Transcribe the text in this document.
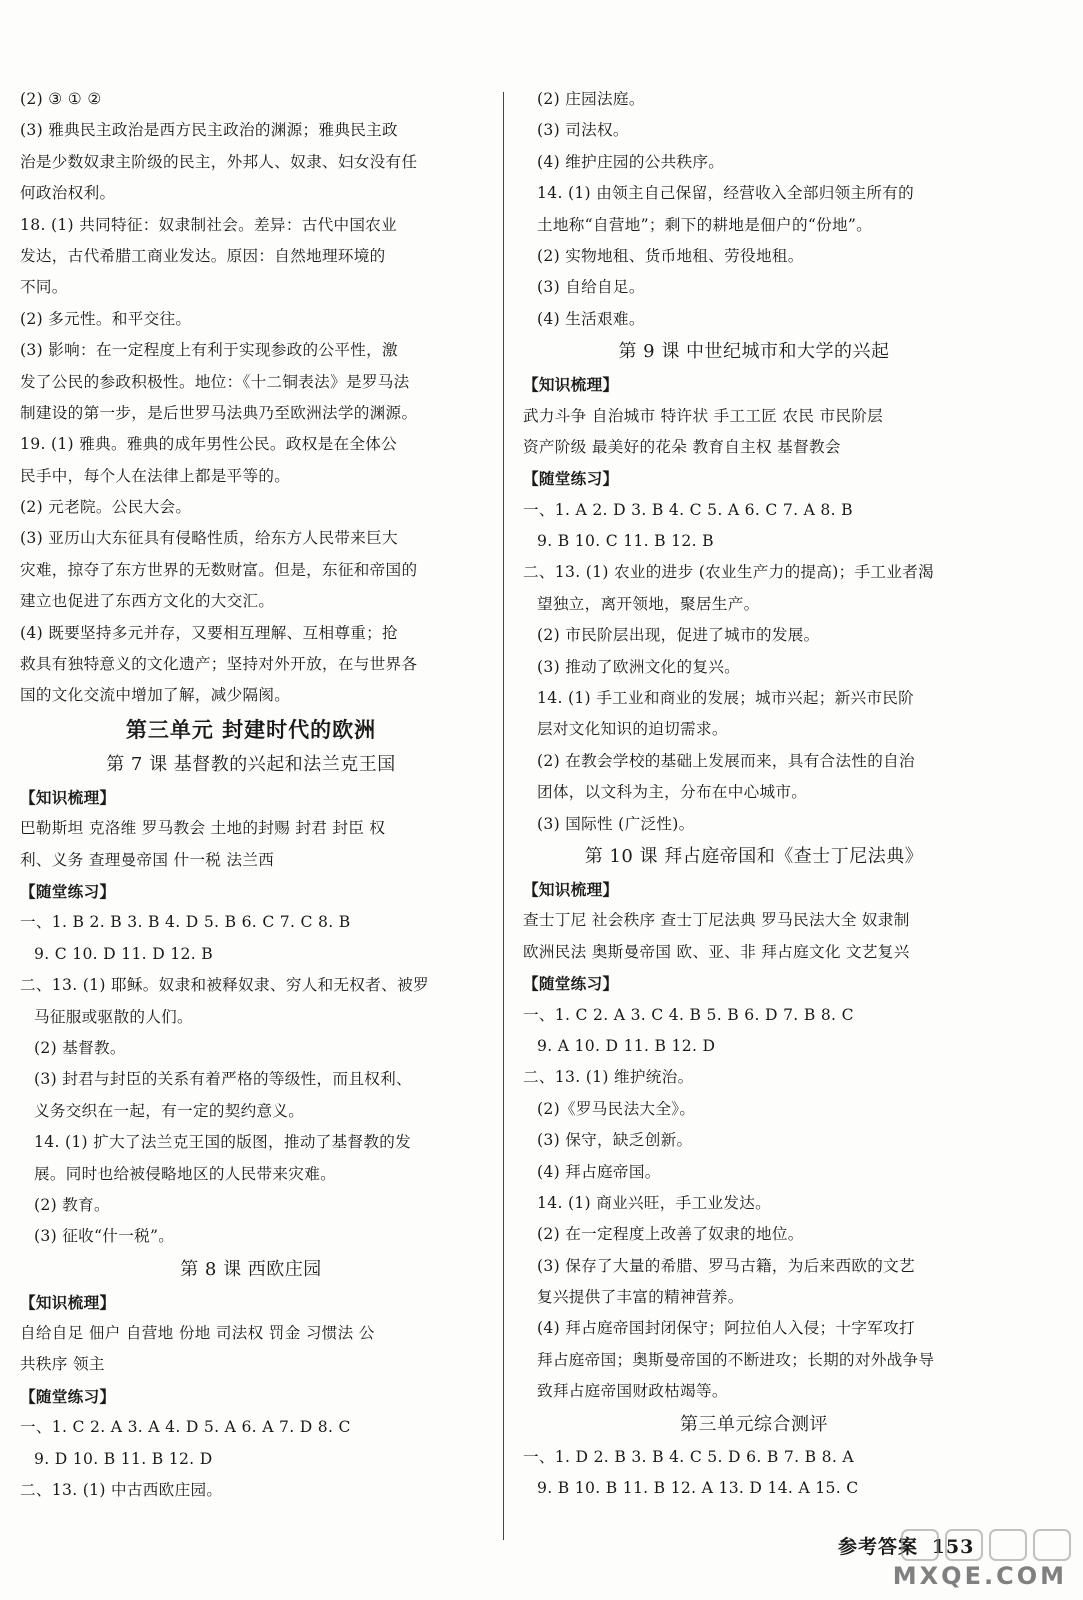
(2) ③ ① ②
(3) 雅典民主政治是西方民主政治的渊源；雅典民主政
治是少数奴隶主阶级的民主，外邦人、奴隶、妇女没有任
何政治权利。
18. (1) 共同特征：奴隶制社会。差异：古代中国农业
发达，古代希腊工商业发达。原因：自然地理环境的
不同。
(2) 多元性。和平交往。
(3) 影响：在一定程度上有利于实现参政的公平性，激
发了公民的参政积极性。地位：《十二铜表法》是罗马法
制建设的第一步，是后世罗马法典乃至欧洲法学的渊源。
19. (1) 雅典。雅典的成年男性公民。政权是在全体公
民手中，每个人在法律上都是平等的。
(2) 元老院。公民大会。
(3) 亚历山大东征具有侵略性质，给东方人民带来巨大
灾难，掠夺了东方世界的无数财富。但是，东征和帝国的
建立也促进了东西方文化的大交汇。
(4) 既要坚持多元并存，又要相互理解、互相尊重；抢
救具有独特意义的文化遗产；坚持对外开放，在与世界各
国的文化交流中增加了解，减少隔阂。
第三单元 封建时代的欧洲
第 7 课 基督教的兴起和法兰克王国
【知识梳理】
巴勒斯坦 克洛维 罗马教会 土地的封赐 封君 封臣 权
利、义务 查理曼帝国 什一税 法兰西
【随堂练习】
一、1. B 2. B 3. B 4. D 5. B 6. C 7. C 8. B
9. C 10. D 11. D 12. B
二、13. (1) 耶稣。奴隶和被释奴隶、穷人和无权者、被罗
马征服或驱散的人们。
(2) 基督教。
(3) 封君与封臣的关系有着严格的等级性，而且权利、
义务交织在一起，有一定的契约意义。
14. (1) 扩大了法兰克王国的版图，推动了基督教的发
展。同时也给被侵略地区的人民带来灾难。
(2) 教育。
(3) 征收“什一税”。
第 8 课 西欧庄园
【知识梳理】
自给自足 佃户 自营地 份地 司法权 罚金 习惯法 公
共秩序 领主
【随堂练习】
一、1. C 2. A 3. A 4. D 5. A 6. A 7. D 8. C
9. D 10. B 11. B 12. D
二、13. (1) 中古西欧庄园。
(2) 庄园法庭。
(3) 司法权。
(4) 维护庄园的公共秩序。
14. (1) 由领主自己保留，经营收入全部归领主所有的
土地称“自营地”；剩下的耕地是佃户的“份地”。
(2) 实物地租、货币地租、劳役地租。
(3) 自给自足。
(4) 生活艰难。
第 9 课 中世纪城市和大学的兴起
【知识梳理】
武力斗争 自治城市 特许状 手工工匠 农民 市民阶层
资产阶级 最美好的花朵 教育自主权 基督教会
【随堂练习】
一、1. A 2. D 3. B 4. C 5. A 6. C 7. A 8. B
9. B 10. C 11. B 12. B
二、13. (1) 农业的进步 (农业生产力的提高)；手工业者渴
望独立，离开领地，聚居生产。
(2) 市民阶层出现，促进了城市的发展。
(3) 推动了欧洲文化的复兴。
14. (1) 手工业和商业的发展；城市兴起；新兴市民阶
层对文化知识的迫切需求。
(2) 在教会学校的基础上发展而来，具有合法性的自治
团体，以文科为主，分布在中心城市。
(3) 国际性 (广泛性)。
第 10 课 拜占庭帝国和《查士丁尼法典》
【知识梳理】
查士丁尼 社会秩序 查士丁尼法典 罗马民法大全 奴隶制
欧洲民法 奥斯曼帝国 欧、亚、非 拜占庭文化 文艺复兴
【随堂练习】
一、1. C 2. A 3. C 4. B 5. B 6. D 7. B 8. C
9. A 10. D 11. B 12. D
二、13. (1) 维护统治。
(2)《罗马民法大全》。
(3) 保守，缺乏创新。
(4) 拜占庭帝国。
14. (1) 商业兴旺，手工业发达。
(2) 在一定程度上改善了奴隶的地位。
(3) 保存了大量的希腊、罗马古籍，为后来西欧的文艺
复兴提供了丰富的精神营养。
(4) 拜占庭帝国封闭保守；阿拉伯人入侵；十字军攻打
拜占庭帝国；奥斯曼帝国的不断进攻；长期的对外战争导
致拜占庭帝国财政枯竭等。
第三单元综合测评
一、1. D 2. B 3. B 4. C 5. D 6. B 7. B 8. A
9. B 10. B 11. B 12. A 13. D 14. A 15. C
参考答案 153
MXQE.COM
